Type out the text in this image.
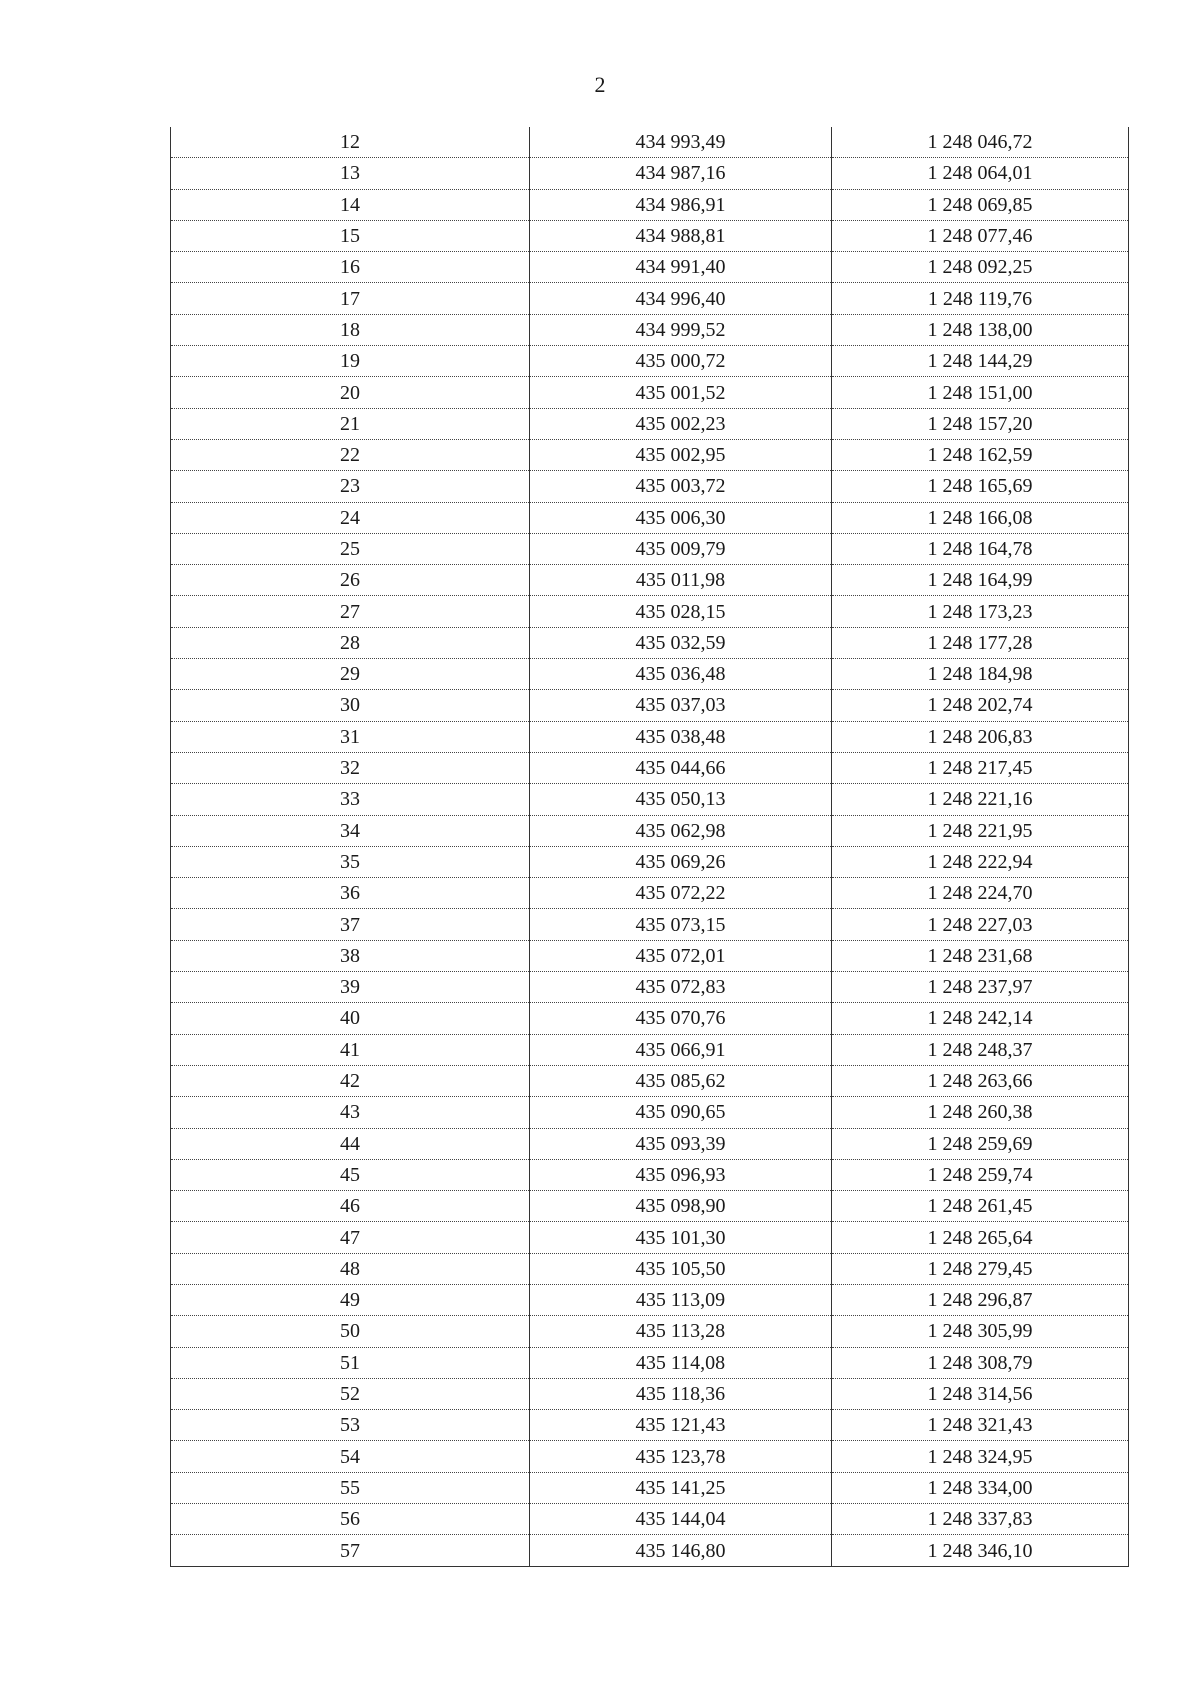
2
12	434 993,49	1 248 046,72
13	434 987,16	1 248 064,01
14	434 986,91	1 248 069,85
15	434 988,81	1 248 077,46
16	434 991,40	1 248 092,25
17	434 996,40	1 248 119,76
18	434 999,52	1 248 138,00
19	435 000,72	1 248 144,29
20	435 001,52	1 248 151,00
21	435 002,23	1 248 157,20
22	435 002,95	1 248 162,59
23	435 003,72	1 248 165,69
24	435 006,30	1 248 166,08
25	435 009,79	1 248 164,78
26	435 011,98	1 248 164,99
27	435 028,15	1 248 173,23
28	435 032,59	1 248 177,28
29	435 036,48	1 248 184,98
30	435 037,03	1 248 202,74
31	435 038,48	1 248 206,83
32	435 044,66	1 248 217,45
33	435 050,13	1 248 221,16
34	435 062,98	1 248 221,95
35	435 069,26	1 248 222,94
36	435 072,22	1 248 224,70
37	435 073,15	1 248 227,03
38	435 072,01	1 248 231,68
39	435 072,83	1 248 237,97
40	435 070,76	1 248 242,14
41	435 066,91	1 248 248,37
42	435 085,62	1 248 263,66
43	435 090,65	1 248 260,38
44	435 093,39	1 248 259,69
45	435 096,93	1 248 259,74
46	435 098,90	1 248 261,45
47	435 101,30	1 248 265,64
48	435 105,50	1 248 279,45
49	435 113,09	1 248 296,87
50	435 113,28	1 248 305,99
51	435 114,08	1 248 308,79
52	435 118,36	1 248 314,56
53	435 121,43	1 248 321,43
54	435 123,78	1 248 324,95
55	435 141,25	1 248 334,00
56	435 144,04	1 248 337,83
57	435 146,80	1 248 346,10
